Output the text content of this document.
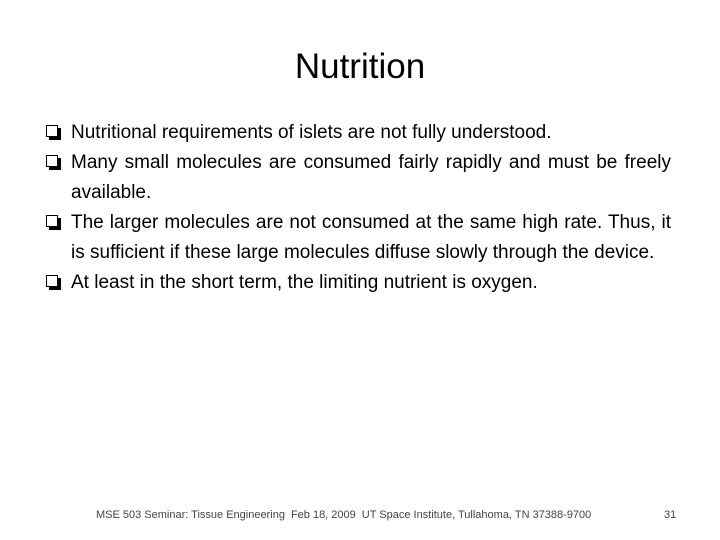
Nutrition
Nutritional requirements of islets are not fully understood.
Many small molecules are consumed fairly rapidly and must be freely available.
The larger molecules are not consumed at the same high rate. Thus, it is sufficient if these large molecules diffuse slowly through the device.
At least in the short term, the limiting nutrient is oxygen.
MSE 503 Seminar: Tissue Engineering Feb 18, 2009 UT Space Institute, Tullahoma, TN 37388-9700	31
